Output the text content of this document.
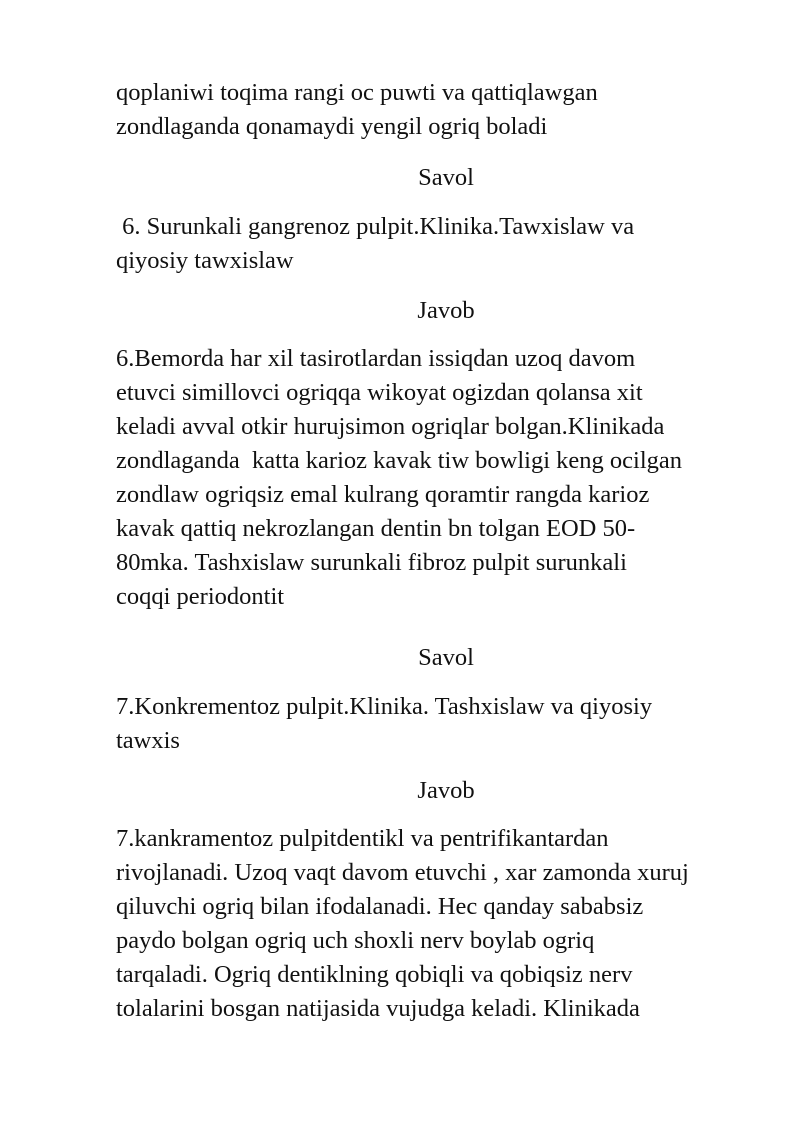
qoplaniwi toqima rangi oc puwti va qattiqlawgan

zondlaganda qonamaydi yengil ogriq boladi

Savol

6. Surunkali gangrenoz pulpit.Klinika.Tawxislaw va

qiyosiy tawxislaw

Javob

6.Bemorda har xil tasirotlardan issiqdan uzoq davom

etuvci simillovci ogriqqa wikoyat ogizdan qolansa xit

keladi avval otkir hurujsimon ogriqlar bolgan.Klinikada

zondlaganda  katta karioz kavak tiw bowligi keng ocilgan

zondlaw ogriqsiz emal kulrang qoramtir rangda karioz

kavak qattiq nekrozlangan dentin bn tolgan EOD 50-

80mka. Tashxislaw surunkali fibroz pulpit surunkali

coqqi periodontit

Savol

7.Konkrementoz pulpit.Klinika. Tashxislaw va qiyosiy

tawxis

Javob

7.kankramentoz pulpitdentikl va pentrifikantardan

rivojlanadi. Uzoq vaqt davom etuvchi , xar zamonda xuruj

qiluvchi ogriq bilan ifodalanadi. Hec qanday sababsiz

paydo bolgan ogriq uch shoxli nerv boylab ogriq

tarqaladi. Ogriq dentiklning qobiqli va qobiqsiz nerv

tolalarini bosgan natijasida vujudga keladi. Klinikada
